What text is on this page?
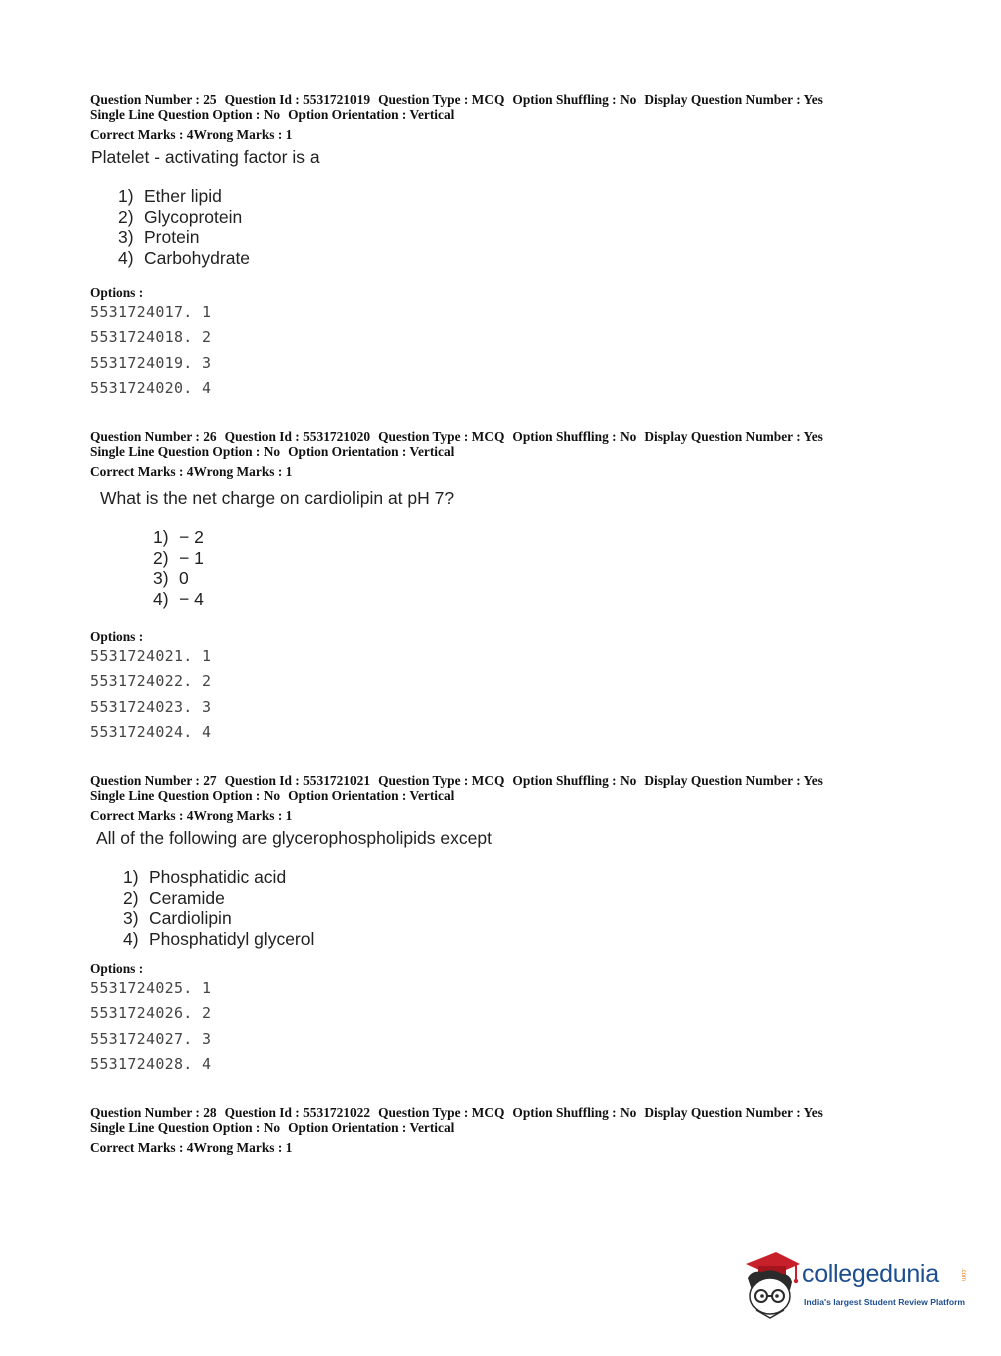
Question Number : 25 Question Id : 5531721019 Question Type : MCQ Option Shuffling : No Display Question Number : Yes

Single Line Question Option : No Option Orientation : Vertical

Correct Marks : 4Wrong Marks : 1
Platelet - activating factor is a
1) Ether lipid
2) Glycoprotein
3) Protein
4) Carbohydrate
Options :
5531724017. 1
5531724018. 2
5531724019. 3
5531724020. 4

Question Number : 26 Question Id : 5531721020 Question Type : MCQ Option Shuffling : No Display Question Number : Yes

Single Line Question Option : No Option Orientation : Vertical

Correct Marks : 4Wrong Marks : 1
What is the net charge on cardiolipin at pH 7?
1) − 2
2) − 1
3) 0
4) − 4
Options :
5531724021. 1
5531724022. 2
5531724023. 3
5531724024. 4

Question Number : 27 Question Id : 5531721021 Question Type : MCQ Option Shuffling : No Display Question Number : Yes

Single Line Question Option : No Option Orientation : Vertical

Correct Marks : 4Wrong Marks : 1
All of the following are glycerophospholipids except
1) Phosphatidic acid
2) Ceramide
3) Cardiolipin
4) Phosphatidyl glycerol
Options :
5531724025. 1
5531724026. 2
5531724027. 3
5531724028. 4

Question Number : 28 Question Id : 5531721022 Question Type : MCQ Option Shuffling : No Display Question Number : Yes

Single Line Question Option : No Option Orientation : Vertical

Correct Marks : 4Wrong Marks : 1
collegedunia	.com
India's largest Student Review Platform
